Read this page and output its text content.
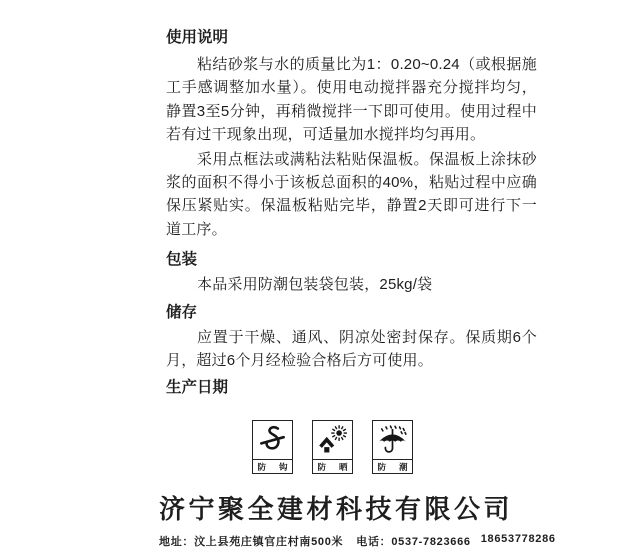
使用说明

粘结砂浆与水的质量比为1：0.20~0.24（或根据施工手感调整加水量）。使用电动搅拌器充分搅拌均匀，静置3至5分钟，再稍微搅拌一下即可使用。使用过程中若有过干现象出现，可适量加水搅拌均匀再用。

采用点框法或满粘法粘贴保温板。保温板上涂抹砂浆的面积不得小于该板总面积的40%，粘贴过程中应确保压紧贴实。保温板粘贴完毕，静置2天即可进行下一道工序。

包装

本品采用防潮包装袋包装，25kg/袋

储存

应置于干燥、通风、阴凉处密封保存。保质期6个月，超过6个月经检验合格后方可使用。

生产日期
防 钩	防 晒	防 潮
济宁聚全建材科技有限公司
地址：汶上县苑庄镇官庄村南500米 电话：0537-7823666 18653778286
